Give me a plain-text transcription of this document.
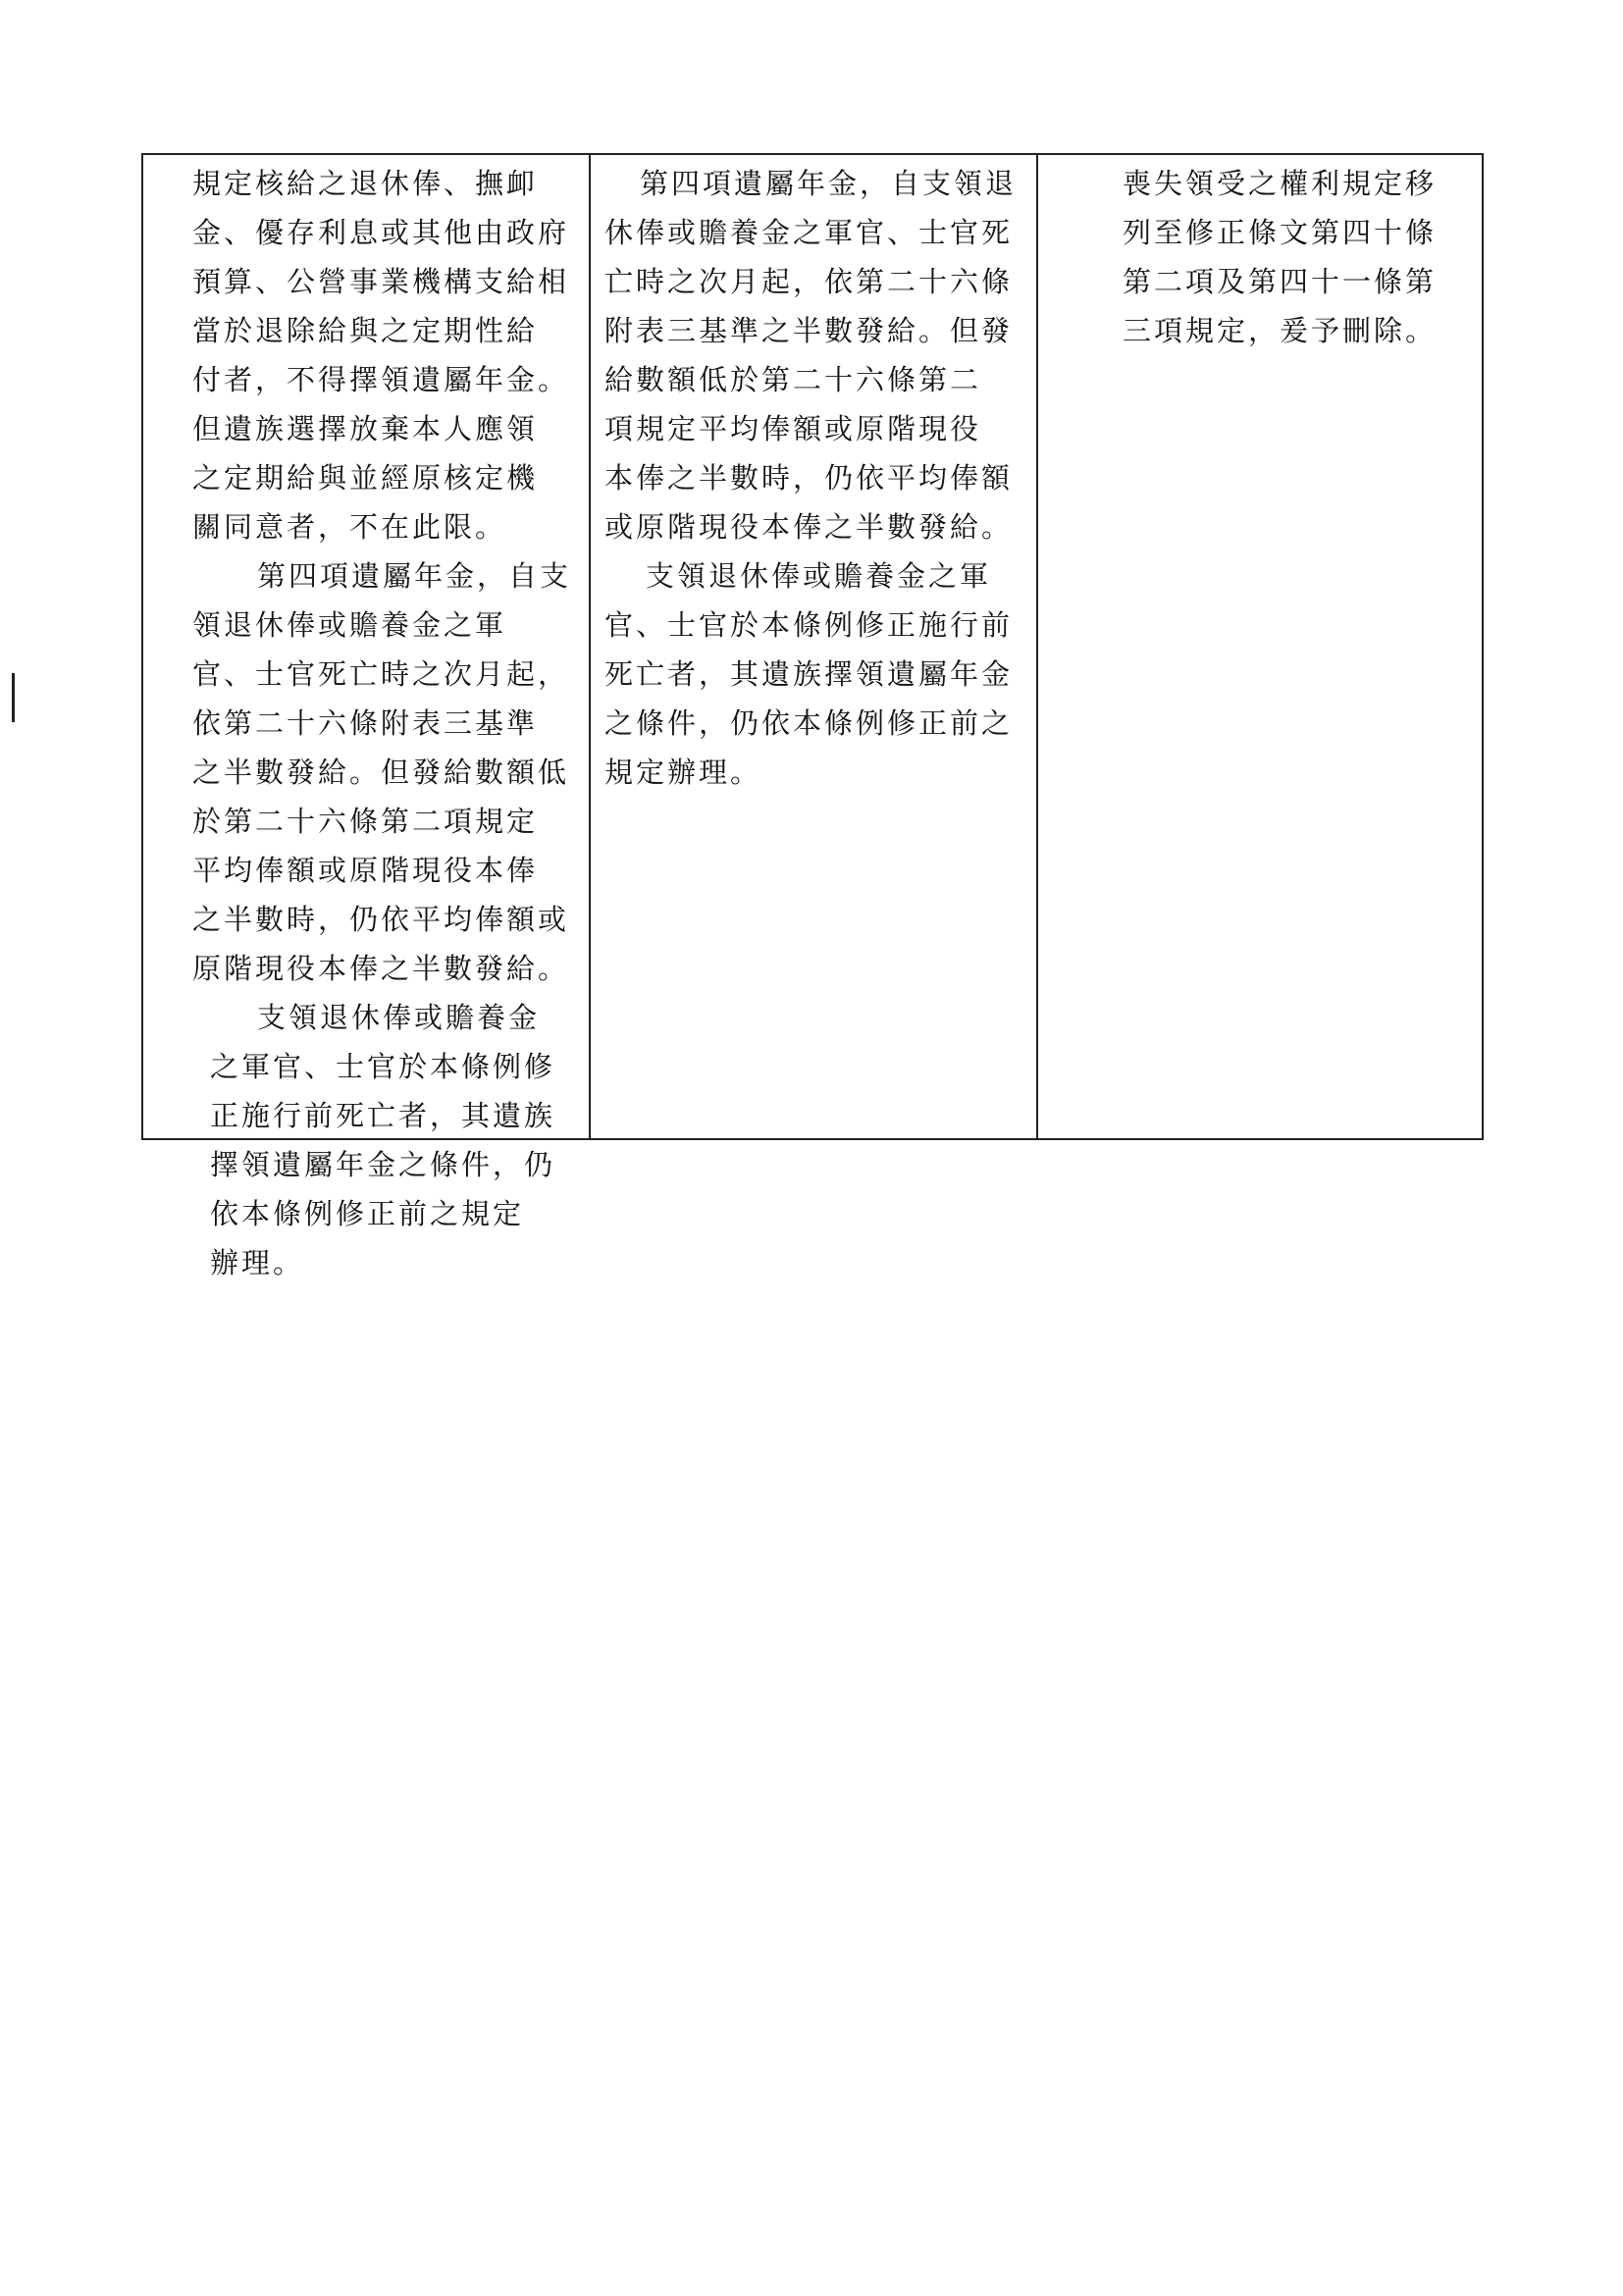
規定核給之退休俸、撫卹
金、優存利息或其他由政府
預算、公營事業機構支給相
當於退除給與之定期性給
付者，不得擇領遺屬年金。
但遺族選擇放棄本人應領
之定期給與並經原核定機
關同意者，不在此限。
第四項遺屬年金，自支
領退休俸或贍養金之軍
官、士官死亡時之次月起，
依第二十六條附表三基準
之半數發給。但發給數額低
於第二十六條第二項規定
平均俸額或原階現役本俸
之半數時，仍依平均俸額或
原階現役本俸之半數發給。
支領退休俸或贍養金
之軍官、士官於本條例修
正施行前死亡者，其遺族
擇領遺屬年金之條件，仍
依本條例修正前之規定
辦理。
第四項遺屬年金，自支領退
休俸或贍養金之軍官、士官死
亡時之次月起，依第二十六條
附表三基準之半數發給。但發
給數額低於第二十六條第二
項規定平均俸額或原階現役
本俸之半數時，仍依平均俸額
或原階現役本俸之半數發給。
支領退休俸或贍養金之軍
官、士官於本條例修正施行前
死亡者，其遺族擇領遺屬年金
之條件，仍依本條例修正前之
規定辦理。
喪失領受之權利規定移
列至修正條文第四十條
第二項及第四十一條第
三項規定，爰予刪除。
